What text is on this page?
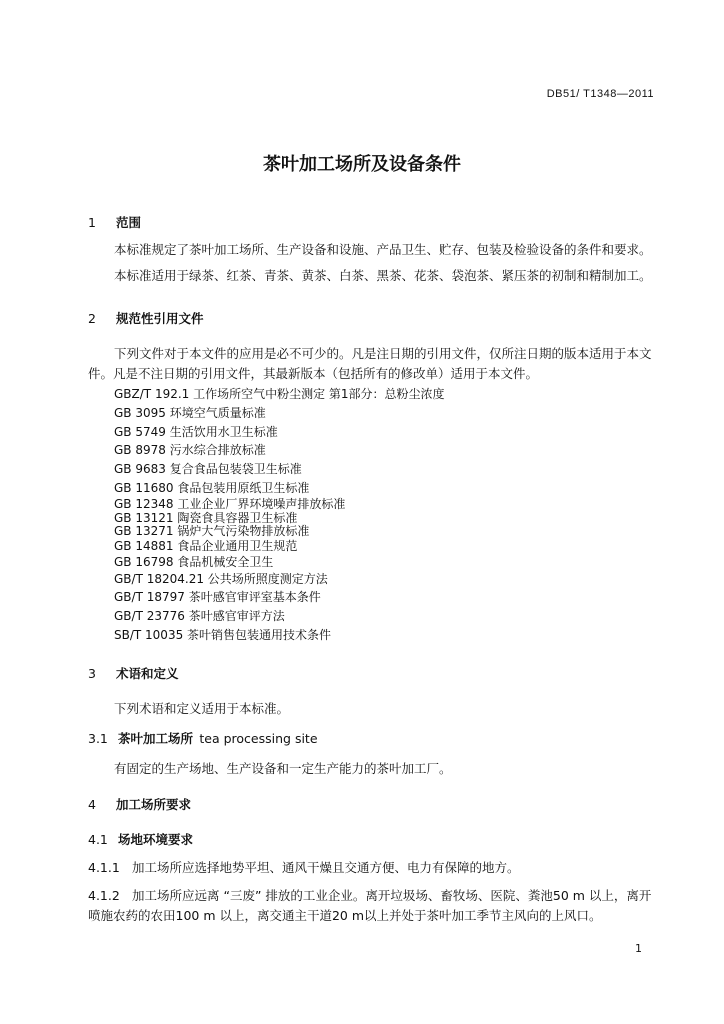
DB51/ T1348—2011
茶叶加工场所及设备条件
1 范围
本标准规定了茶叶加工场所、生产设备和设施、产品卫生、贮存、包装及检验设备的条件和要求。
本标准适用于绿茶、红茶、青茶、黄茶、白茶、黑茶、花茶、袋泡茶、紧压茶的初制和精制加工。
2 规范性引用文件
下列文件对于本文件的应用是必不可少的。凡是注日期的引用文件，仅所注日期的版本适用于本文件。凡是不注日期的引用文件，其最新版本（包括所有的修改单）适用于本文件。
GBZ/T 192.1 工作场所空气中粉尘测定 第1部分：总粉尘浓度
GB 3095 环境空气质量标准
GB 5749 生活饮用水卫生标准
GB 8978 污水综合排放标准
GB 9683 复合食品包装袋卫生标准
GB 11680 食品包装用原纸卫生标准
GB 12348 工业企业厂界环境噪声排放标准
GB 13121 陶瓷食具容器卫生标准
GB 13271 锅炉大气污染物排放标准
GB 14881 食品企业通用卫生规范
GB 16798 食品机械安全卫生
GB/T 18204.21 公共场所照度测定方法
GB/T 18797 茶叶感官审评室基本条件
GB/T 23776 茶叶感官审评方法
SB/T 10035 茶叶销售包装通用技术条件
3 术语和定义
下列术语和定义适用于本标准。
3.1 茶叶加工场所 tea processing site
有固定的生产场地、生产设备和一定生产能力的茶叶加工厂。
4 加工场所要求
4.1 场地环境要求
4.1.1 加工场所应选择地势平坦、通风干燥且交通方便、电力有保障的地方。
4.1.2 加工场所应远离 “三废” 排放的工业企业。离开垃圾场、畜牧场、医院、粪池50 m 以上，离开喷施农药的农田100 m 以上，离交通主干道20 m以上并处于茶叶加工季节主风向的上风口。
1
